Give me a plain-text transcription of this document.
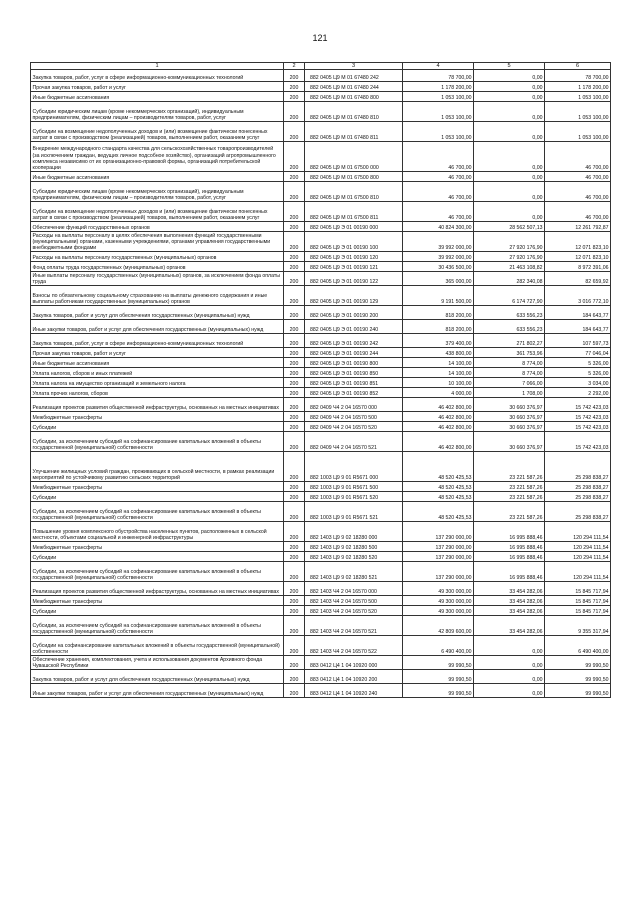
121
1	2	3	4	5	6
Закупка товаров, работ, услуг в сфере информационно-коммуникационных технологий	200	882 0405 Ц9 М 01 67480 242	78 700,00	0,00	78 700,00
Прочая закупка товаров, работ и услуг	200	882 0405 Ц9 М 01 67480 244	1 178 200,00	0,00	1 178 200,00
Иные бюджетные ассигнования	200	882 0405 Ц9 М 01 67480 800	1 053 100,00	0,00	1 053 100,00
Субсидии юридическим лицам (кроме некоммерческих организаций), индивидуальным предпринимателям, физическим лицам – производителям товаров, работ, услуг	200	882 0405 Ц9 М 01 67480 810	1 053 100,00	0,00	1 053 100,00
Субсидии на возмещение недополученных доходов и (или) возмещение фактически понесенных затрат в связи с производством (реализацией) товаров, выполнением работ, оказанием услуг	200	882 0405 Ц9 М 01 67480 811	1 053 100,00	0,00	1 053 100,00
Внедрение международного стандарта качества для сельскохозяйственных товаропроизводителей (за исключением граждан, ведущих личное подсобное хозяйство), организаций агропромышленного комплекса независимо от их организационно-правовой формы, организаций потребительской кооперации	200	882 0405 Ц9 М 01 67500 000	46 700,00	0,00	46 700,00
Иные бюджетные ассигнования	200	882 0405 Ц9 М 01 67500 800	46 700,00	0,00	46 700,00
Субсидии юридическим лицам (кроме некоммерческих организаций), индивидуальным предпринимателям, физическим лицам – производителям товаров, работ, услуг	200	882 0405 Ц9 М 01 67500 810	46 700,00	0,00	46 700,00
Субсидии на возмещение недополученных доходов и (или) возмещение фактически понесенных затрат в связи с производством (реализацией) товаров, выполнением работ, оказанием услуг	200	882 0405 Ц9 М 01 67500 811	46 700,00	0,00	46 700,00
Обеспечение функций государственных органов	200	882 0405 Ц9 Э 01 00190 000	40 824 300,00	28 562 507,13	12 261 792,87
Расходы на выплаты персоналу в целях обеспечения выполнения функций государственными (муниципальными) органами, казенными учреждениями, органами управления государственными внебюджетными фондами	200	882 0405 Ц9 Э 01 00190 100	39 992 000,00	27 920 176,90	12 071 823,10
Расходы на выплаты персоналу государственных (муниципальных) органов	200	882 0405 Ц9 Э 01 00190 120	39 992 000,00	27 920 176,90	12 071 823,10
Фонд оплаты труда государственных (муниципальных) органов	200	882 0405 Ц9 Э 01 00190 121	30 436 500,00	21 463 108,82	8 972 391,06
Иные выплаты персоналу государственных (муниципальных) органов, за исключением фонда оплаты труда	200	882 0405 Ц9 Э 01 00190 122	365 000,00	282 340,08	82 659,92
Взносы по обязательному социальному страхованию на выплаты денежного содержания и иные выплаты работникам государственных (муниципальных) органов	200	882 0405 Ц9 Э 01 00190 129	9 191 500,00	6 174 727,90	3 016 772,10
Закупка товаров, работ и услуг для обеспечения государственных (муниципальных) нужд	200	882 0405 Ц9 Э 01 00190 200	818 200,00	633 556,23	184 643,77
Иные закупки товаров, работ и услуг для обеспечения государственных (муниципальных) нужд	200	882 0405 Ц9 Э 01 00190 240	818 200,00	633 556,23	184 643,77
Закупка товаров, работ, услуг в сфере информационно-коммуникационных технологий	200	882 0405 Ц9 Э 01 00190 242	379 400,00	271 802,27	107 597,73
Прочая закупка товаров, работ и услуг	200	882 0405 Ц9 Э 01 00190 244	438 800,00	361 753,96	77 046,04
Иные бюджетные ассигнования	200	882 0405 Ц9 Э 01 00190 800	14 100,00	8 774,00	5 326,00
Уплата налогов, сборов и иных платежей	200	882 0405 Ц9 Э 01 00190 850	14 100,00	8 774,00	5 326,00
Уплата налога на имущество организаций и земельного налога	200	882 0405 Ц9 Э 01 00190 851	10 100,00	7 066,00	3 034,00
Уплата прочих налогов, сборов	200	882 0405 Ц9 Э 01 00190 852	4 000,00	1 708,00	2 292,00
Реализация проектов развития общественной инфраструктуры, основанных на местных инициативах	200	882 0409 Ч4 2 04 16570 000	46 402 800,00	30 660 376,97	15 742 423,03
Межбюджетные трансферты	200	882 0409 Ч4 2 04 16570 500	46 402 800,00	30 660 376,97	15 742 423,03
Субсидии	200	882 0409 Ч4 2 04 16570 520	46 402 800,00	30 660 376,97	15 742 423,03
Субсидии, за исключением субсидий на софинансирование капитальных вложений в объекты государственной (муниципальной) собственности	200	882 0409 Ч4 2 04 16570 521	46 402 800,00	30 660 376,97	15 742 423,03
Улучшение жилищных условий граждан, проживающих в сельской местности, в рамках реализации мероприятий по устойчивому развитию сельских территорий	200	882 1003 Ц9 9 01 R5671 000	48 520 425,53	23 221 587,26	25 298 838,27
Межбюджетные трансферты	200	882 1003 Ц9 9 01 R5671 500	48 520 425,53	23 221 587,26	25 298 838,27
Субсидии	200	882 1003 Ц9 9 01 R5671 520	48 520 425,53	23 221 587,26	25 298 838,27
Субсидии, за исключением субсидий на софинансирование капитальных вложений в объекты государственной (муниципальной) собственности	200	882 1003 Ц9 9 01 R5671 521	48 520 425,53	23 221 587,26	25 298 838,27
Повышение уровня комплексного обустройства населенных пунктов, расположенных в сельской местности, объектами социальной и инженерной инфраструктуры	200	882 1403 Ц9 9 02 18280 000	137 290 000,00	16 995 888,46	120 294 111,54
Межбюджетные трансферты	200	882 1403 Ц9 9 02 18280 500	137 290 000,00	16 995 888,46	120 294 111,54
Субсидии	200	882 1403 Ц9 9 02 18280 520	137 290 000,00	16 995 888,46	120 294 111,54
Субсидии, за исключением субсидий на софинансирование капитальных вложений в объекты государственной (муниципальной) собственности	200	882 1403 Ц9 9 02 18280 521	137 290 000,00	16 995 888,46	120 294 111,54
Реализация проектов развития общественной инфраструктуры, основанных на местных инициативах	200	882 1403 Ч4 2 04 16570 000	49 300 000,00	33 454 282,06	15 845 717,94
Межбюджетные трансферты	200	882 1403 Ч4 2 04 16570 500	49 300 000,00	33 454 282,06	15 845 717,94
Субсидии	200	882 1403 Ч4 2 04 16570 520	49 300 000,00	33 454 282,06	15 845 717,94
Субсидии, за исключением субсидий на софинансирование капитальных вложений в объекты государственной (муниципальной) собственности	200	882 1403 Ч4 2 04 16570 521	42 809 600,00	33 454 282,06	9 355 317,94
Субсидии на софинансирование капитальных вложений в объекты государственной (муниципальной) собственности	200	882 1403 Ч4 2 04 16570 522	6 490 400,00	0,00	6 490 400,00
Обеспечение хранения, комплектования, учета и использования документов Архивного фонда Чувашской Республики	200	883 0412 Ц4 1 04 10920 000	99 990,50	0,00	99 990,50
Закупка товаров, работ и услуг для обеспечения государственных (муниципальных) нужд	200	883 0412 Ц4 1 04 10920 200	99 990,50	0,00	99 990,50
Иные закупки товаров, работ и услуг для обеспечения государственных (муниципальных) нужд	200	883 0412 Ц4 1 04 10920 240	99 990,50	0,00	99 990,50
